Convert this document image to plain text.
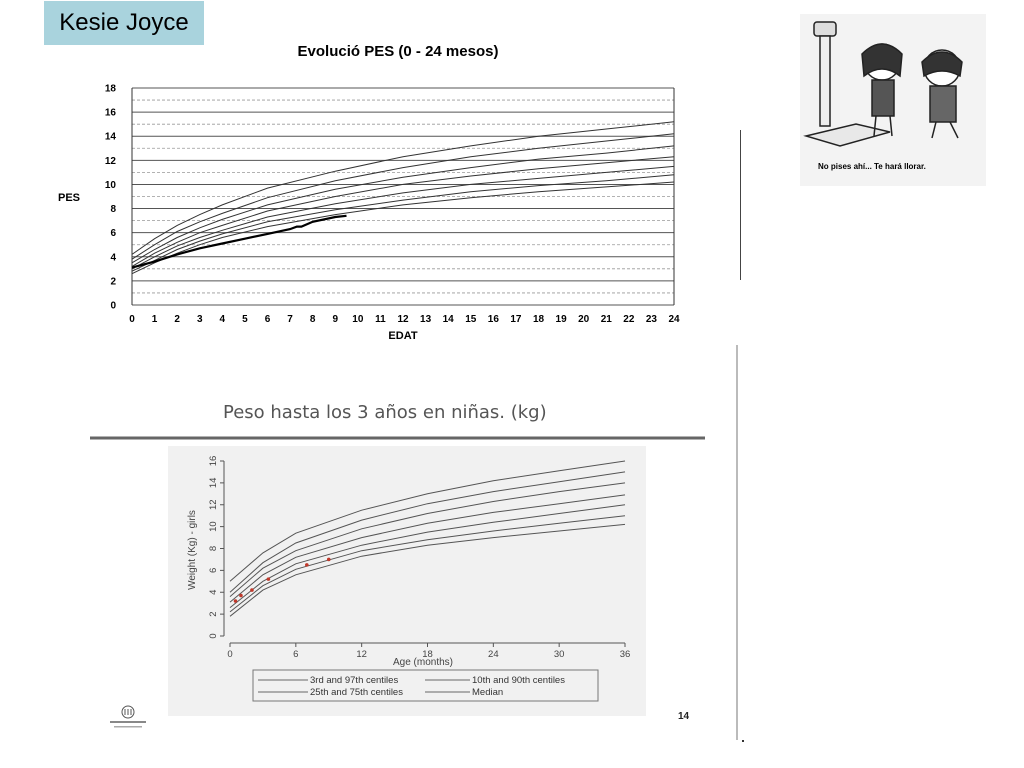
Kesie Joyce
Evolució PES (0 - 24 mesos)
0
2
4
6
8
10
12
14
16
18
0 1 2 3 4 5 6 7 8 9 10 11 12 13 14 15 16 17 18 19 20 21 22 23 24
PES
EDAT
No pises ahí... Te hará llorar.
Peso hasta los 3 años en niñas. (kg)
0
2
4
6
8
10
12
14
16
0	6	12	18	24	30	36
Weight (Kg) - girls
Age (months)
3rd and 97th centiles	10th and 90th centiles
25th and 75th centiles	Median
14
